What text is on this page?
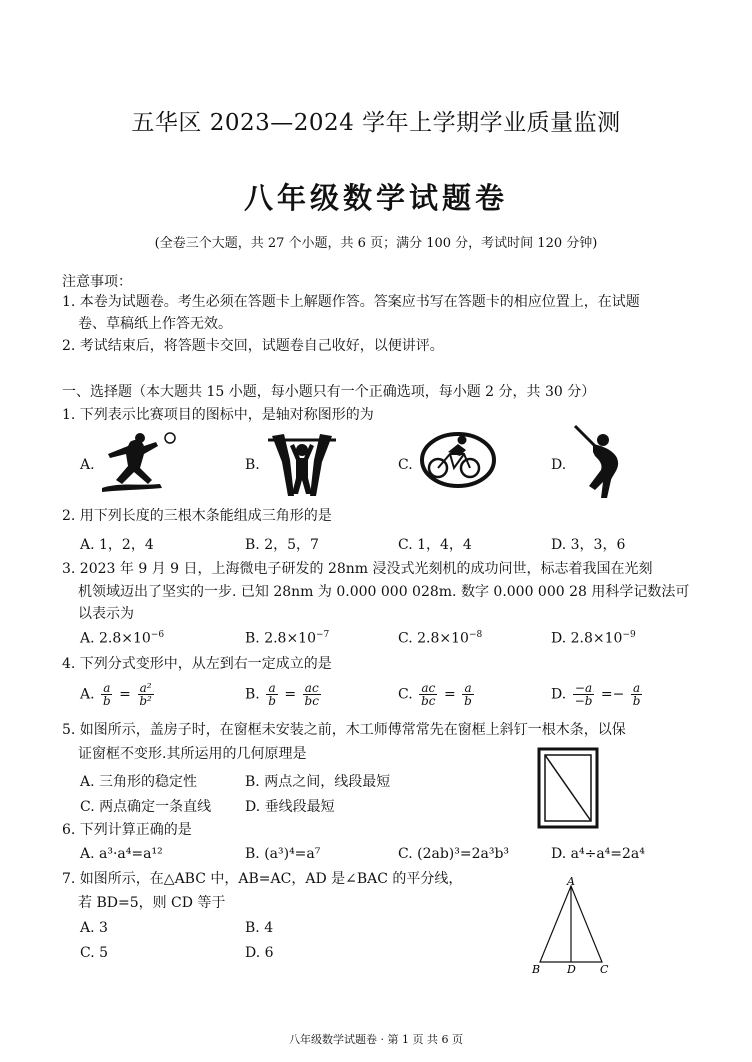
五华区 2023—2024 学年上学期学业质量监测
八年级数学试题卷
(全卷三个大题，共 27 个小题，共 6 页；满分 100 分，考试时间 120 分钟)
注意事项：
1. 本卷为试题卷。考生必须在答题卡上解题作答。答案应书写在答题卡的相应位置上，在试题
卷、草稿纸上作答无效。
2. 考试结束后，将答题卡交回，试题卷自己收好，以便讲评。
一、选择题（本大题共 15 小题，每小题只有一个正确选项，每小题 2 分，共 30 分）
1. 下列表示比赛项目的图标中，是轴对称图形的为
A.	B.	C.	D.
2. 用下列长度的三根木条能组成三角形的是
A. 1，2，4	B. 2，5，7	C. 1，4，4	D. 3，3，6
3. 2023 年 9 月 9 日，上海微电子研发的 28nm 浸没式光刻机的成功问世，标志着我国在光刻
机领域迈出了坚实的一步. 已知 28nm 为 0.000 000 028m. 数字 0.000 000 28 用科学记数法可
以表示为
A. $2.8\times 10^{-6}$	B. $2.8\times 10^{-7}$	C. $2.8\times 10^{-8}$	D. $2.8\times 10^{-9}$
4. 下列分式变形中，从左到右一定成立的是
A. $\frac{a}{b} = \frac{\text{a²}}{\text{b²}}$	B. $\frac{a}{b} = \frac{ac}{bc}$	C. $\frac{ac}{bc} = \frac{a}{b}$	D. $\frac{-a}{-b} =- \frac{a}{b}$
5. 如图所示，盖房子时，在窗框未安装之前，木工师傅常常先在窗框上斜钉一根木条，以保
证窗框不变形.其所运用的几何原理是
A. 三角形的稳定性	B. 两点之间，线段最短
C. 两点确定一条直线 D. 垂线段最短
6. 下列计算正确的是
A. a³·a⁴=a¹²	B. (a³)⁴=a⁷	C. (2ab)³=2a³b³	D. a⁴÷a⁴=2a⁴
7. 如图所示，在△ABC 中，AB=AC，AD 是∠BAC 的平分线，
若 BD=5，则 CD 等于
A. 3	B. 4
C. 5	D. 6
A
B D C
八年级数学试题卷 · 第 1 页 共 6 页
